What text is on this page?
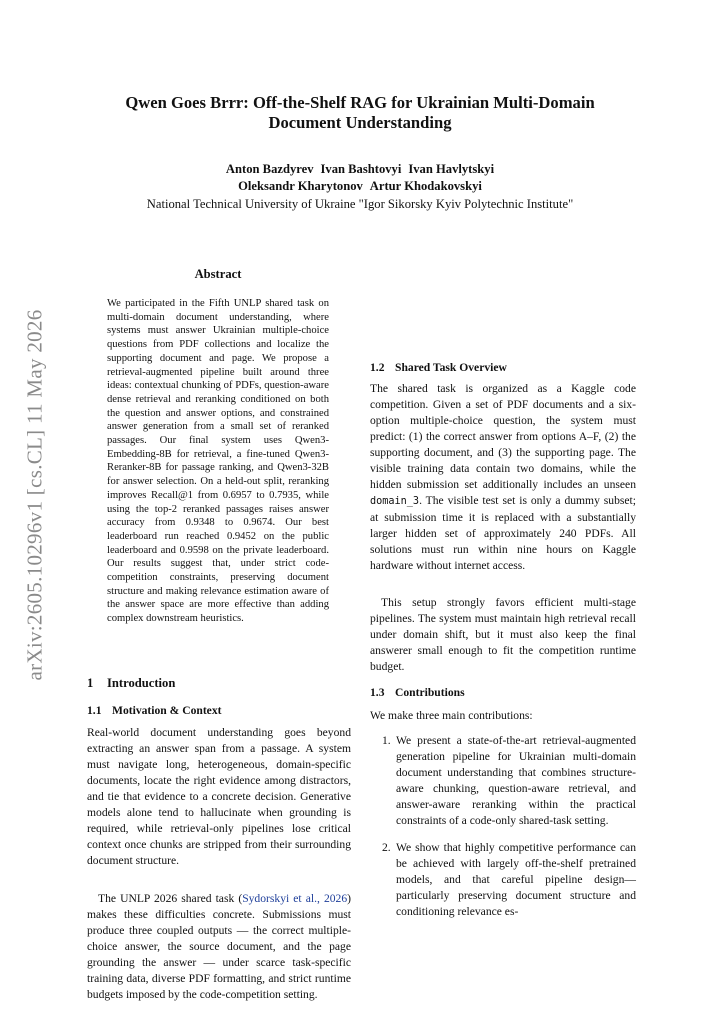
arXiv:2605.10296v1 [cs.CL] 11 May 2026
Qwen Goes Brrr: Off-the-Shelf RAG for Ukrainian Multi-Domain Document Understanding
Anton Bazdyrev Ivan Bashtovyi Ivan Havlytskyi
Oleksandr Kharytonov Artur Khodakovskyi
National Technical University of Ukraine "Igor Sikorsky Kyiv Polytechnic Institute"
Abstract
We participated in the Fifth UNLP shared task on multi-domain document understanding, where systems must answer Ukrainian multiple-choice questions from PDF collections and localize the supporting document and page. We propose a retrieval-augmented pipeline built around three ideas: contextual chunking of PDFs, question-aware dense retrieval and reranking conditioned on both the question and answer options, and constrained answer generation from a small set of reranked passages. Our final system uses Qwen3-Embedding-8B for retrieval, a fine-tuned Qwen3-Reranker-8B for passage ranking, and Qwen3-32B for answer selection. On a held-out split, reranking improves Recall@1 from 0.6957 to 0.7935, while using the top-2 reranked passages raises answer accuracy from 0.9348 to 0.9674. Our best leaderboard run reached 0.9452 on the public leaderboard and 0.9598 on the private leaderboard. Our results suggest that, under strict code-competition constraints, preserving document structure and making relevance estimation aware of the answer space are more effective than adding complex downstream heuristics.
1 Introduction
1.1 Motivation & Context
Real-world document understanding goes beyond extracting an answer span from a passage. A system must navigate long, heterogeneous, domain-specific documents, locate the right evidence among distractors, and tie that evidence to a concrete decision. Generative models alone tend to hallucinate when grounding is required, while retrieval-only pipelines lose critical context once chunks are stripped from their surrounding document structure.
The UNLP 2026 shared task (Sydorskyi et al., 2026) makes these difficulties concrete. Submissions must produce three coupled outputs — the correct multiple-choice answer, the source document, and the page grounding the answer — under scarce task-specific training data, diverse PDF formatting, and strict runtime budgets imposed by the code-competition setting.
1.2 Shared Task Overview
The shared task is organized as a Kaggle code competition. Given a set of PDF documents and a six-option multiple-choice question, the system must predict: (1) the correct answer from options A–F, (2) the supporting document, and (3) the supporting page. The visible training data contain two domains, while the hidden submission set additionally includes an unseen domain_3. The visible test set is only a dummy subset; at submission time it is replaced with a substantially larger hidden set of approximately 240 PDFs. All solutions must run within nine hours on Kaggle hardware without internet access.
This setup strongly favors efficient multi-stage pipelines. The system must maintain high retrieval recall under domain shift, but it must also keep the final answerer small enough to fit the competition runtime budget.
1.3 Contributions
We make three main contributions:
1. We present a state-of-the-art retrieval-augmented generation pipeline for Ukrainian multi-domain document understanding that combines structure-aware chunking, question-aware retrieval, and answer-aware reranking within the practical constraints of a code-only shared-task setting.
2. We show that highly competitive performance can be achieved with largely off-the-shelf pretrained models, and that careful pipeline design—particularly preserving document structure and conditioning relevance es-
